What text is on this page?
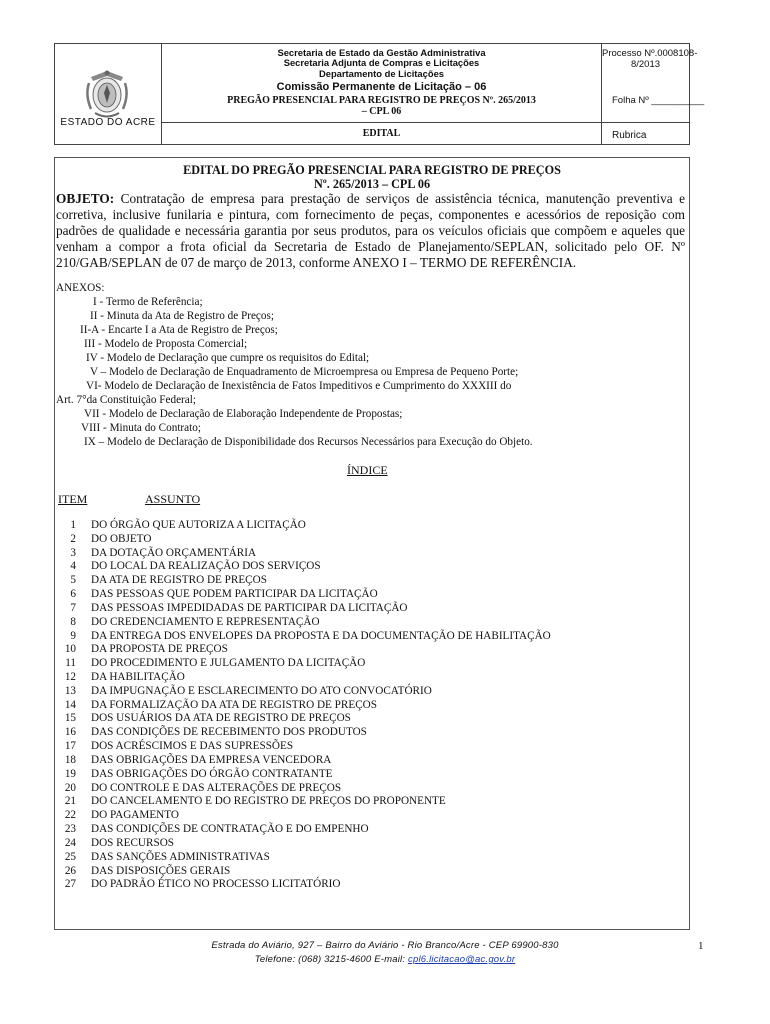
ESTADO DO ACRE
Secretaria de Estado da Gestão Administrativa
Secretaria Adjunta de Compras e Licitações
Departamento de Licitações
Comissão Permanente de Licitação – 06
PREGÃO PRESENCIAL PARA REGISTRO DE PREÇOS Nº. 265/2013
– CPL 06
EDITAL
Processo Nº.0008108-
8/2013
Folha Nº __________
Rubrica
EDITAL DO PREGÃO PRESENCIAL PARA REGISTRO DE PREÇOS
Nº. 265/2013 – CPL 06
OBJETO: Contratação de empresa para prestação de serviços de assistência técnica, manutenção preventiva e corretiva, inclusive funilaria e pintura, com fornecimento de peças, componentes e acessórios de reposição com padrões de qualidade e necessária garantia por seus produtos, para os veículos oficiais que compõem e aqueles que venham a compor a frota oficial da Secretaria de Estado de Planejamento/SEPLAN, solicitado pelo OF. Nº 210/GAB/SEPLAN de 07 de março de 2013, conforme ANEXO I – TERMO DE REFERÊNCIA.
ANEXOS:
I - Termo de Referência;
II - Minuta da Ata de Registro de Preços;
II-A - Encarte I a Ata de Registro de Preços;
III - Modelo de Proposta Comercial;
IV - Modelo de Declaração que cumpre os requisitos do Edital;
V – Modelo de Declaração de Enquadramento de Microempresa ou Empresa de Pequeno Porte;
VI- Modelo de Declaração de Inexistência de Fatos Impeditivos e Cumprimento do XXXIII do
Art. 7°da Constituição Federal;
VII - Modelo de Declaração de Elaboração Independente de Propostas;
VIII - Minuta do Contrato;
IX – Modelo de Declaração de Disponibilidade dos Recursos Necessários para Execução do Objeto.
ÍNDICE
ITEM	ASSUNTO
1 DO ÓRGÃO QUE AUTORIZA A LICITAÇÃO
2 DO OBJETO
3 DA DOTAÇÃO ORÇAMENTÁRIA
4 DO LOCAL DA REALIZAÇÃO DOS SERVIÇOS
5 DA ATA DE REGISTRO DE PREÇOS
6 DAS PESSOAS QUE PODEM PARTICIPAR DA LICITAÇÃO
7 DAS PESSOAS IMPEDIDADAS DE PARTICIPAR DA LICITAÇÃO
8 DO CREDENCIAMENTO E REPRESENTAÇÃO
9 DA ENTREGA DOS ENVELOPES DA PROPOSTA E DA DOCUMENTAÇÃO DE HABILITAÇÃO
10 DA PROPOSTA DE PREÇOS
11 DO PROCEDIMENTO E JULGAMENTO DA LICITAÇÃO
12 DA HABILITAÇÃO
13 DA IMPUGNAÇÃO E ESCLARECIMENTO DO ATO CONVOCATÓRIO
14 DA FORMALIZAÇÃO DA ATA DE REGISTRO DE PREÇOS
15 DOS USUÁRIOS DA ATA DE REGISTRO DE PREÇOS
16 DAS CONDIÇÕES DE RECEBIMENTO DOS PRODUTOS
17 DOS ACRÉSCIMOS E DAS SUPRESSÕES
18 DAS OBRIGAÇÕES DA EMPRESA VENCEDORA
19 DAS OBRIGAÇÕES DO ÓRGÃO CONTRATANTE
20 DO CONTROLE E DAS ALTERAÇÕES DE PREÇOS
21 DO CANCELAMENTO E DO REGISTRO DE PREÇOS DO PROPONENTE
22 DO PAGAMENTO
23 DAS CONDIÇÕES DE CONTRATAÇÃO E DO EMPENHO
24 DOS RECURSOS
25 DAS SANÇÕES ADMINISTRATIVAS
26 DAS DISPOSIÇÕES GERAIS
27 DO PADRÃO ÉTICO NO PROCESSO LICITATÓRIO
Estrada do Aviário, 927 – Bairro do Aviário - Rio Branco/Acre - CEP 69900-830
Telefone: (068) 3215-4600 E-mail: cpl6.licitacao@ac.gov.br
1
